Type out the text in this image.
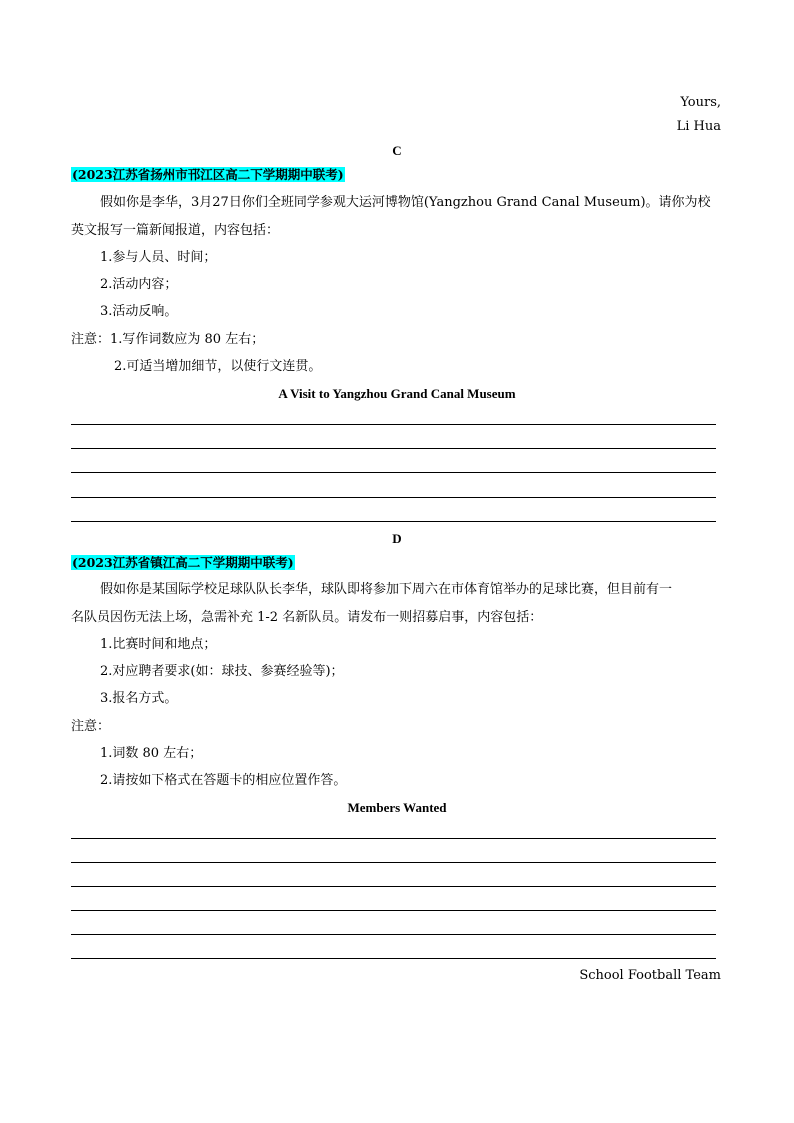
Yours,
Li Hua
C
(2023江苏省扬州市邗江区高二下学期期中联考)
假如你是李华，3月27日你们全班同学参观大运河博物馆(Yangzhou Grand Canal Museum)。请你为校
英文报写一篇新闻报道，内容包括：
1.参与人员、时间；
2.活动内容；
3.活动反响。
注意：1.写作词数应为 80 左右；
2.可适当增加细节，以使行文连贯。
A Visit to Yangzhou Grand Canal Museum
D
(2023江苏省镇江高二下学期期中联考)
假如你是某国际学校足球队队长李华，球队即将参加下周六在市体育馆举办的足球比赛，但目前有一
名队员因伤无法上场，急需补充 1-2 名新队员。请发布一则招募启事，内容包括：
1.比赛时间和地点；
2.对应聘者要求(如：球技、参赛经验等)；
3.报名方式。
注意：
1.词数 80 左右；
2.请按如下格式在答题卡的相应位置作答。
Members Wanted
School Football Team
